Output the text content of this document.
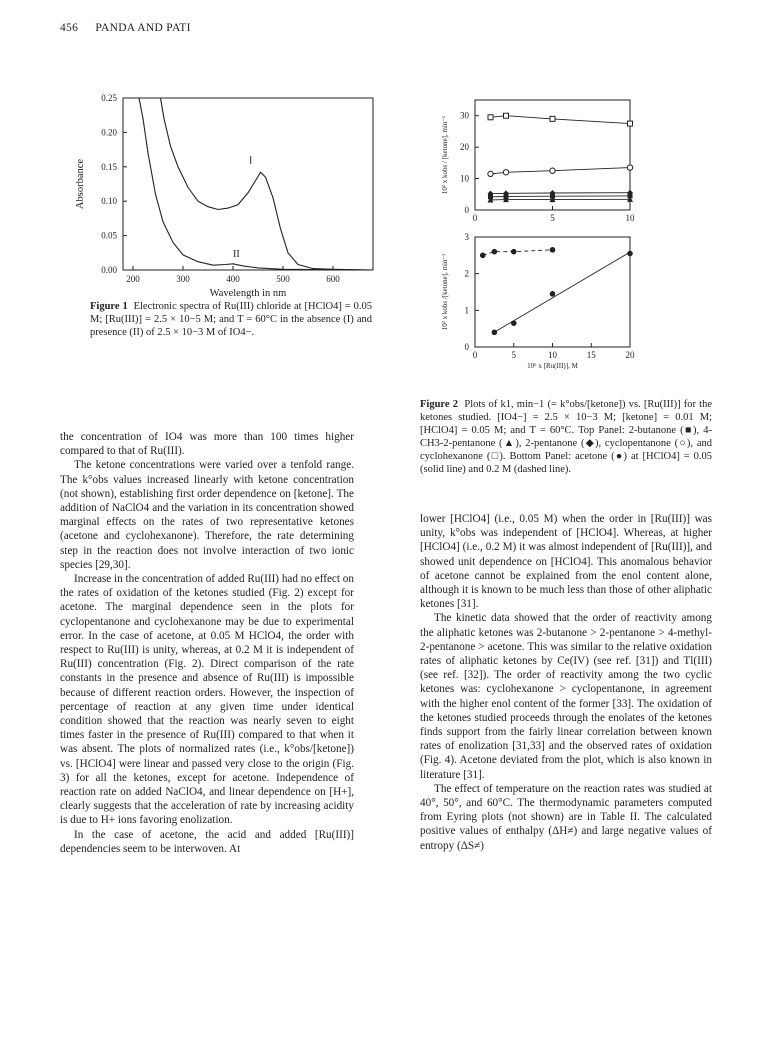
456 PANDA AND PATI
200	300	400	500	600
0.00
0.05
0.10
0.15
0.20
0.25
Wavelength in nm
Absorbance	I
II
Figure 1 Electronic spectra of Ru(III) chloride at [HClO4] = 0.05 M; [Ru(III)] = 2.5 × 10−5 M; and T = 60°C in the absence (I) and presence (II) of 2.5 × 10−3 M of IO4−.
0	5	10
0
10
20
30
10³ x kobs / [ketone], min⁻¹
0	5	10	15	20
0
1
2
3
10³ x kobs /[ketone], min⁻¹
10⁶ x [Ru(III)], M
Figure 2 Plots of k1, min−1 (= k°obs/[ketone]) vs. [Ru(III)] for the ketones studied. [IO4−] = 2.5 × 10−3 M; [ketone] = 0.01 M; [HClO4] = 0.05 M; and T = 60°C. Top Panel: 2-butanone (■), 4-CH3-2-pentanone (▲), 2-pentanone (◆), cyclopentanone (○), and cyclohexanone (□). Bottom Panel: acetone (●) at [HClO4] = 0.05 (solid line) and 0.2 M (dashed line).

the concentration of IO4 was more than 100 times higher compared to that of Ru(III).

The ketone concentrations were varied over a tenfold range. The k°obs values increased linearly with ketone concentration (not shown), establishing first order dependence on [ketone]. The addition of NaClO4 and the variation in its concentration showed marginal effects on the rates of two representative ketones (acetone and cyclohexanone). Therefore, the rate determining step in the reaction does not involve interaction of two ionic species [29,30].

Increase in the concentration of added Ru(III) had no effect on the rates of oxidation of the ketones studied (Fig. 2) except for acetone. The marginal dependence seen in the plots for cyclopentanone and cyclohexanone may be due to experimental error. In the case of acetone, at 0.05 M HClO4, the order with respect to Ru(III) is unity, whereas, at 0.2 M it is independent of Ru(III) concentration (Fig. 2). Direct comparison of the rate constants in the presence and absence of Ru(III) is impossible because of different reaction orders. However, the inspection of percentage of reaction at any given time under identical condition showed that the reaction was nearly seven to eight times faster in the presence of Ru(III) compared to that when it was absent. The plots of normalized rates (i.e., k°obs/[ketone]) vs. [HClO4] were linear and passed very close to the origin (Fig. 3) for all the ketones, except for acetone. Independence of reaction rate on added NaClO4, and linear dependence on [H+], clearly suggests that the acceleration of rate by increasing acidity is due to H+ ions favoring enolization.

In the case of acetone, the acid and added [Ru(III)] dependencies seem to be interwoven. At

lower [HClO4] (i.e., 0.05 M) when the order in [Ru(III)] was unity, k°obs was independent of [HClO4]. Whereas, at higher [HClO4] (i.e., 0.2 M) it was almost independent of [Ru(III)], and showed unit dependence on [HClO4]. This anomalous behavior of acetone cannot be explained from the enol content alone, although it is known to be much less than those of other aliphatic ketones [31].

The kinetic data showed that the order of reactivity among the aliphatic ketones was 2-butanone > 2-pentanone > 4-methyl-2-pentanone > acetone. This was similar to the relative oxidation rates of aliphatic ketones by Ce(IV) (see ref. [31]) and Tl(III) (see ref. [32]). The order of reactivity among the two cyclic ketones was: cyclohexanone > cyclopentanone, in agreement with the higher enol content of the former [33]. The oxidation of the ketones studied proceeds through the enolates of the ketones finds support from the fairly linear correlation between known rates of enolization [31,33] and the observed rates of oxidation (Fig. 4). Acetone deviated from the plot, which is also known in literature [31].

The effect of temperature on the reaction rates was studied at 40°, 50°, and 60°C. The thermodynamic parameters computed from Eyring plots (not shown) are in Table II. The calculated positive values of enthalpy (ΔH≠) and large negative values of entropy (ΔS≠)
